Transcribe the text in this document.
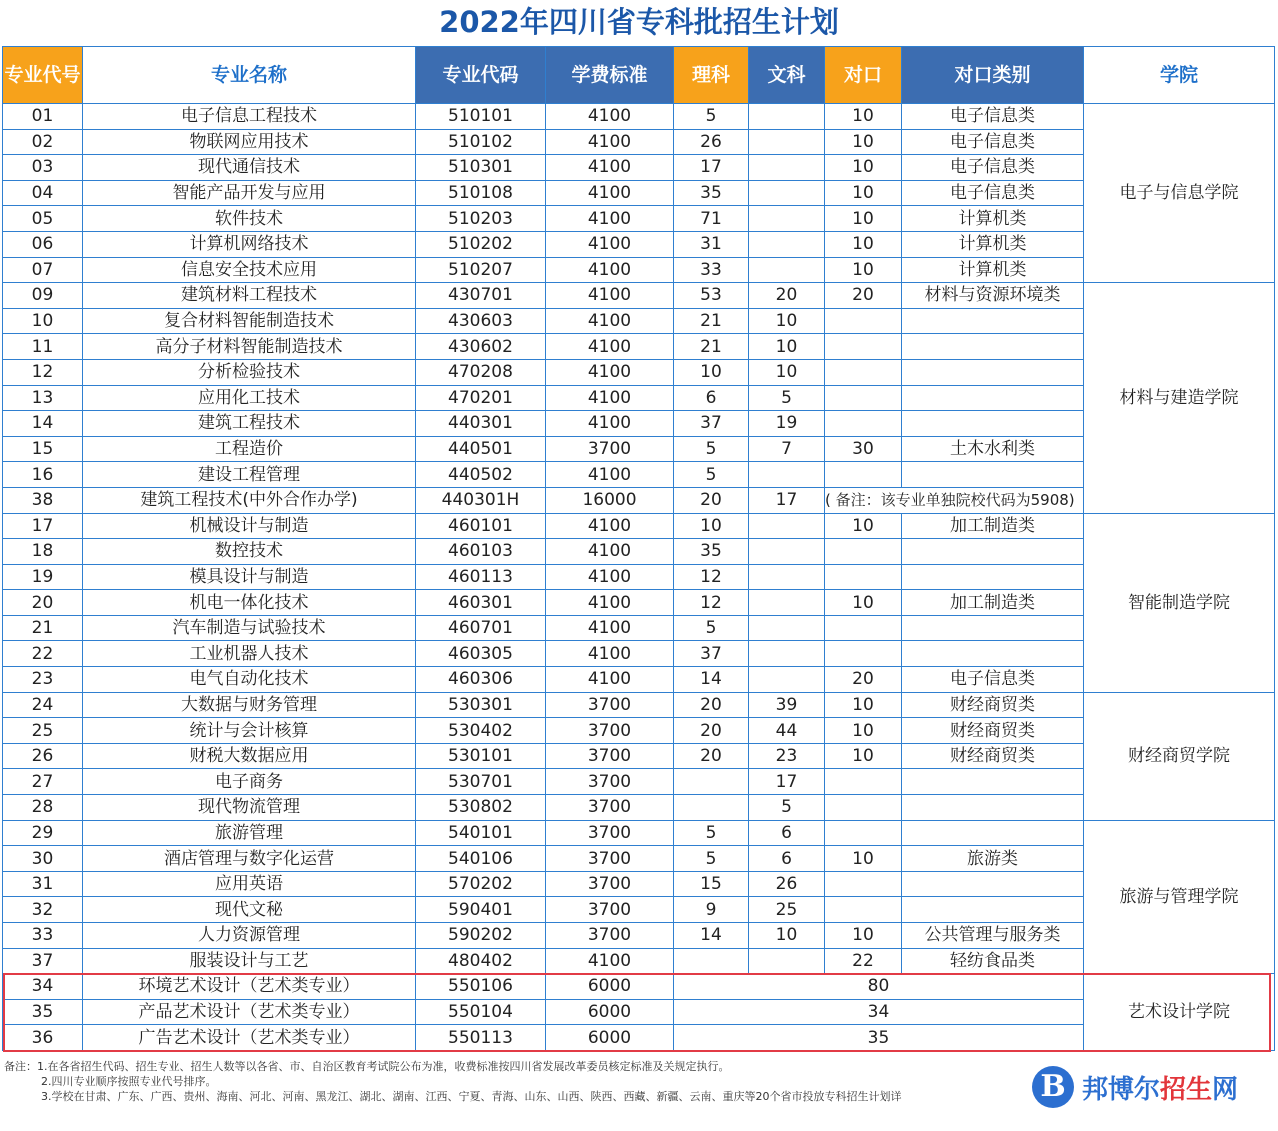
2022年四川省专科批招生计划
专业代号	专业名称	专业代码	学费标准	理科	文科	对口	对口类别	学院
01	电子信息工程技术	510101	4100	5		10	电子信息类	电子与信息学院
02	物联网应用技术	510102	4100	26		10	电子信息类	
03	现代通信技术	510301	4100	17		10	电子信息类	
04	智能产品开发与应用	510108	4100	35		10	电子信息类	
05	软件技术	510203	4100	71		10	计算机类	
06	计算机网络技术	510202	4100	31		10	计算机类	
07	信息安全技术应用	510207	4100	33		10	计算机类	
09	建筑材料工程技术	430701	4100	53	20	20	材料与资源环境类	材料与建造学院
10	复合材料智能制造技术	430603	4100	21	10			
11	高分子材料智能制造技术	430602	4100	21	10			
12	分析检验技术	470208	4100	10	10			
13	应用化工技术	470201	4100	6	5			
14	建筑工程技术	440301	4100	37	19			
15	工程造价	440501	3700	5	7	30	土木水利类	
16	建设工程管理	440502	4100	5				
38	建筑工程技术(中外合作办学)	440301H	16000	20	17	( 备注：该专业单独院校代码为5908)		
17	机械设计与制造	460101	4100	10		10	加工制造类	智能制造学院
18	数控技术	460103	4100	35				
19	模具设计与制造	460113	4100	12				
20	机电一体化技术	460301	4100	12		10	加工制造类	
21	汽车制造与试验技术	460701	4100	5				
22	工业机器人技术	460305	4100	37				
23	电气自动化技术	460306	4100	14		20	电子信息类	
24	大数据与财务管理	530301	3700	20	39	10	财经商贸类	财经商贸学院
25	统计与会计核算	530402	3700	20	44	10	财经商贸类	
26	财税大数据应用	530101	3700	20	23	10	财经商贸类	
27	电子商务	530701	3700		17			
28	现代物流管理	530802	3700		5			
29	旅游管理	540101	3700	5	6			旅游与管理学院
30	酒店管理与数字化运营	540106	3700	5	6	10	旅游类	
31	应用英语	570202	3700	15	26			
32	现代文秘	590401	3700	9	25			
33	人力资源管理	590202	3700	14	10	10	公共管理与服务类	
37	服装设计与工艺	480402	4100			22	轻纺食品类	
34	环境艺术设计（艺术类专业）	550106	6000	80				艺术设计学院
35	产品艺术设计（艺术类专业）	550104	6000	34				
36	广告艺术设计（艺术类专业）	550113	6000	35				
备注：1.在各省招生代码、招生专业、招生人数等以各省、市、自治区教育考试院公布为准，收费标准按四川省发展改革委员核定标准及关规定执行。
2.四川专业顺序按照专业代号排序。
3.学校在甘肃、广东、广西、贵州、海南、河北、河南、黑龙江、湖北、湖南、江西、宁夏、青海、山东、山西、陕西、西藏、新疆、云南、重庆等20个省市投放专科招生计划详	B 邦博尔招生网
